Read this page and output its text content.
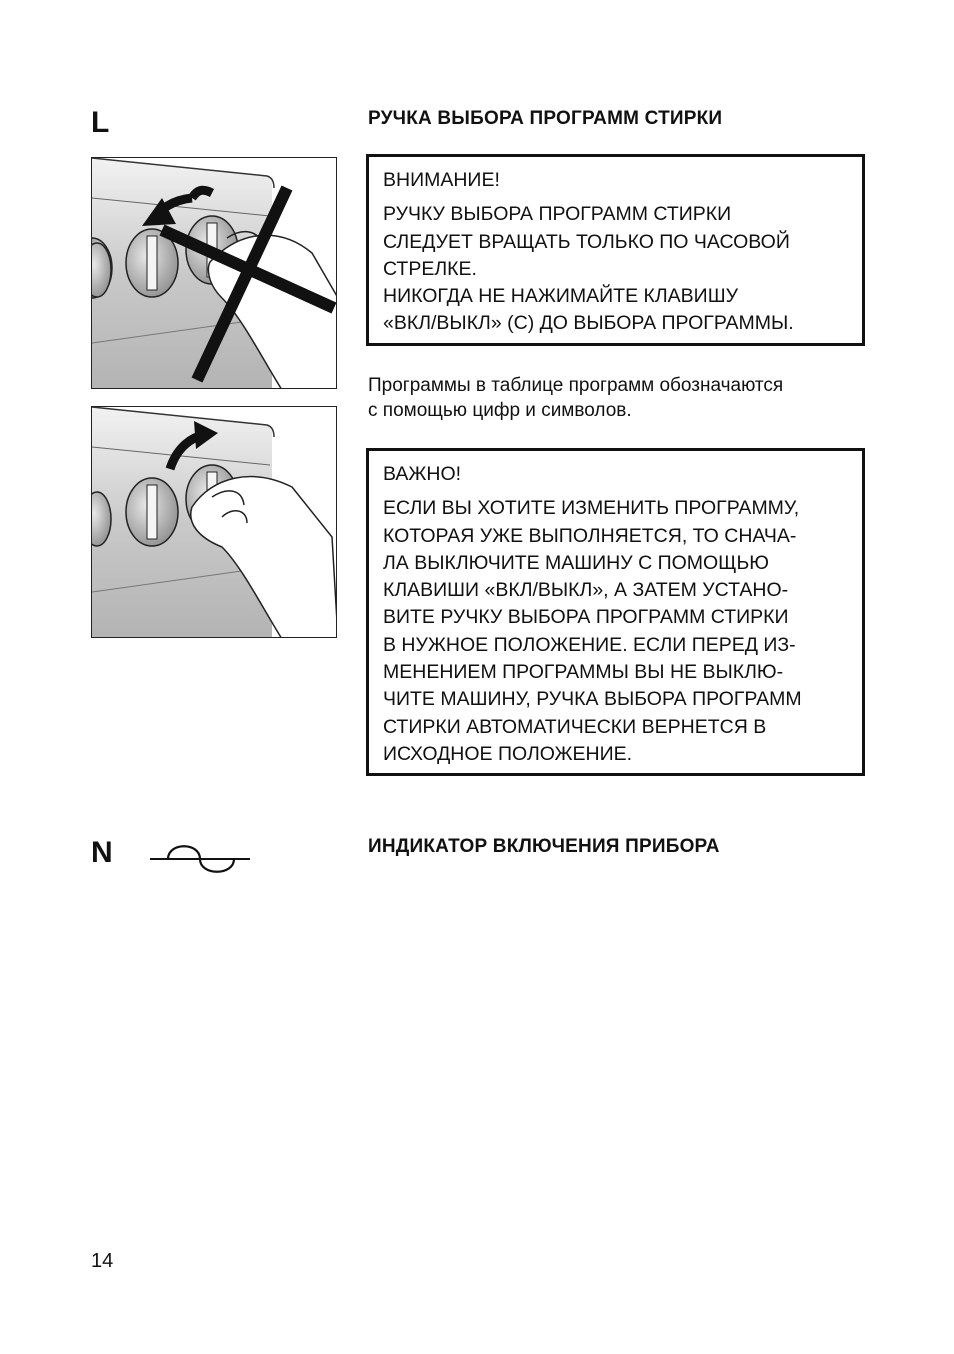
L	РУЧКА ВЫБОРА ПРОГРАММ СТИРКИ

ВНИМАНИЕ!

РУЧКУ ВЫБОРА ПРОГРАММ СТИРКИ

СЛЕДУЕТ ВРАЩАТЬ ТОЛЬКО ПО ЧАСОВОЙ

СТРЕЛКЕ.

НИКОГДА НЕ НАЖИМАЙТЕ КЛАВИШУ

«ВКЛ/ВЫКЛ» (С) ДО ВЫБОРА ПРОГРАММЫ.

Программы в таблице программ обозначаются
с помощью цифр и символов.

ВАЖНО!

ЕСЛИ ВЫ ХОТИТЕ ИЗМЕНИТЬ ПРОГРАММУ,

КОТОРАЯ УЖЕ ВЫПОЛНЯЕТСЯ, ТО СНАЧА-

ЛА ВЫКЛЮЧИТЕ МАШИНУ С ПОМОЩЬЮ

КЛАВИШИ «ВКЛ/ВЫКЛ», А ЗАТЕМ УСТАНО-

ВИТЕ РУЧКУ ВЫБОРА ПРОГРАММ СТИРКИ

В НУЖНОЕ ПОЛОЖЕНИЕ. ЕСЛИ ПЕРЕД ИЗ-

МЕНЕНИЕМ ПРОГРАММЫ ВЫ НЕ ВЫКЛЮ-

ЧИТЕ МАШИНУ, РУЧКА ВЫБОРА ПРОГРАММ

СТИРКИ АВТОМАТИЧЕСКИ ВЕРНЕТСЯ В

ИСХОДНОЕ ПОЛОЖЕНИЕ.

N	ИНДИКАТОР ВКЛЮЧЕНИЯ ПРИБОРА
14
